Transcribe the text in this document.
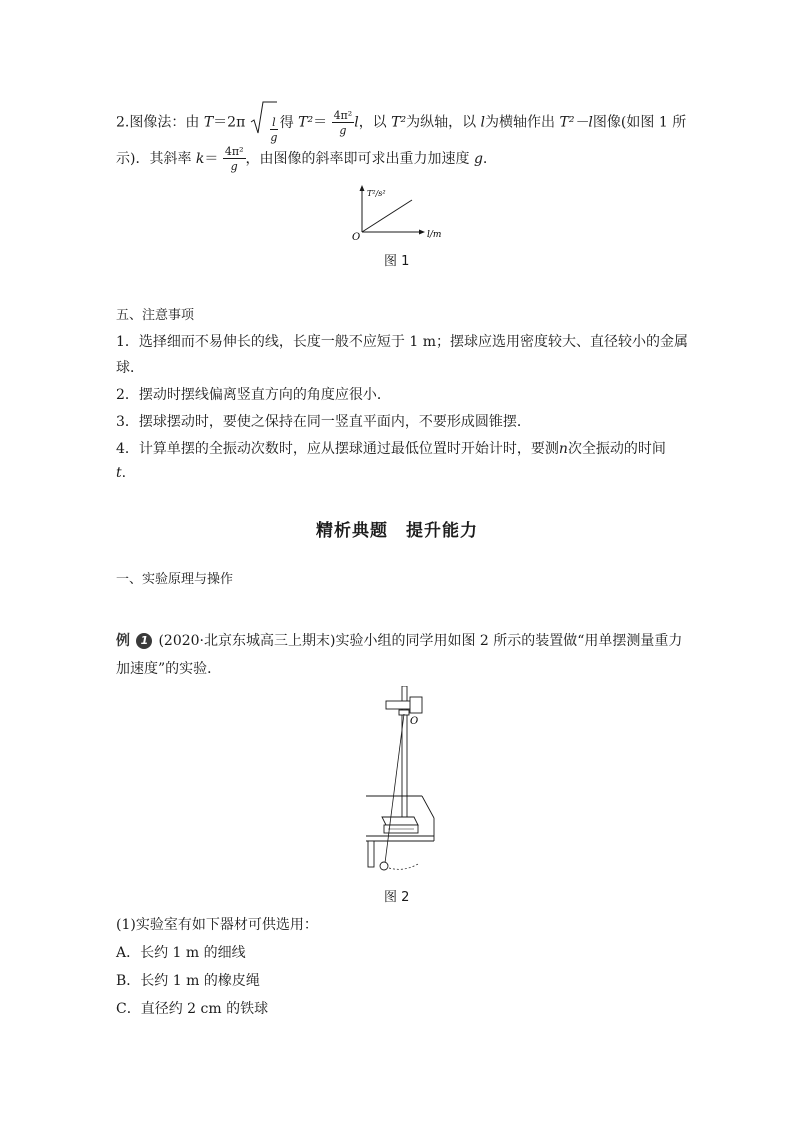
2.图像法：由 $T=2\pi \frac{l}{g}$ 得 $T^2= \frac{\text{4π²}}{g}$ l，以 T²为纵轴，以 l为横轴作出 T²－l图像(如图 1 所
示)．其斜率 $k= \frac{\text{4π²}}{g}$ ，由图像的斜率即可求出重力加速度 g.
T²/s²
l/m
O
图 1
五、注意事项
1．选择细而不易伸长的线，长度一般不应短于 1 m；摆球应选用密度较大、直径较小的金属
球．
2．摆动时摆线偏离竖直方向的角度应很小．
3．摆球摆动时，要使之保持在同一竖直平面内，不要形成圆锥摆．
4．计算单摆的全振动次数时，应从摆球通过最低位置时开始计时，要测n次全振动的时间
t.
精析典题　提升能力
一、实验原理与操作
例 1 (2020·北京东城高三上期末)实验小组的同学用如图 2 所示的装置做“用单摆测量重力
加速度”的实验．
O
图 2
(1)实验室有如下器材可供选用：
A．长约 1 m 的细线
B．长约 1 m 的橡皮绳
C．直径约 2 cm 的铁球
